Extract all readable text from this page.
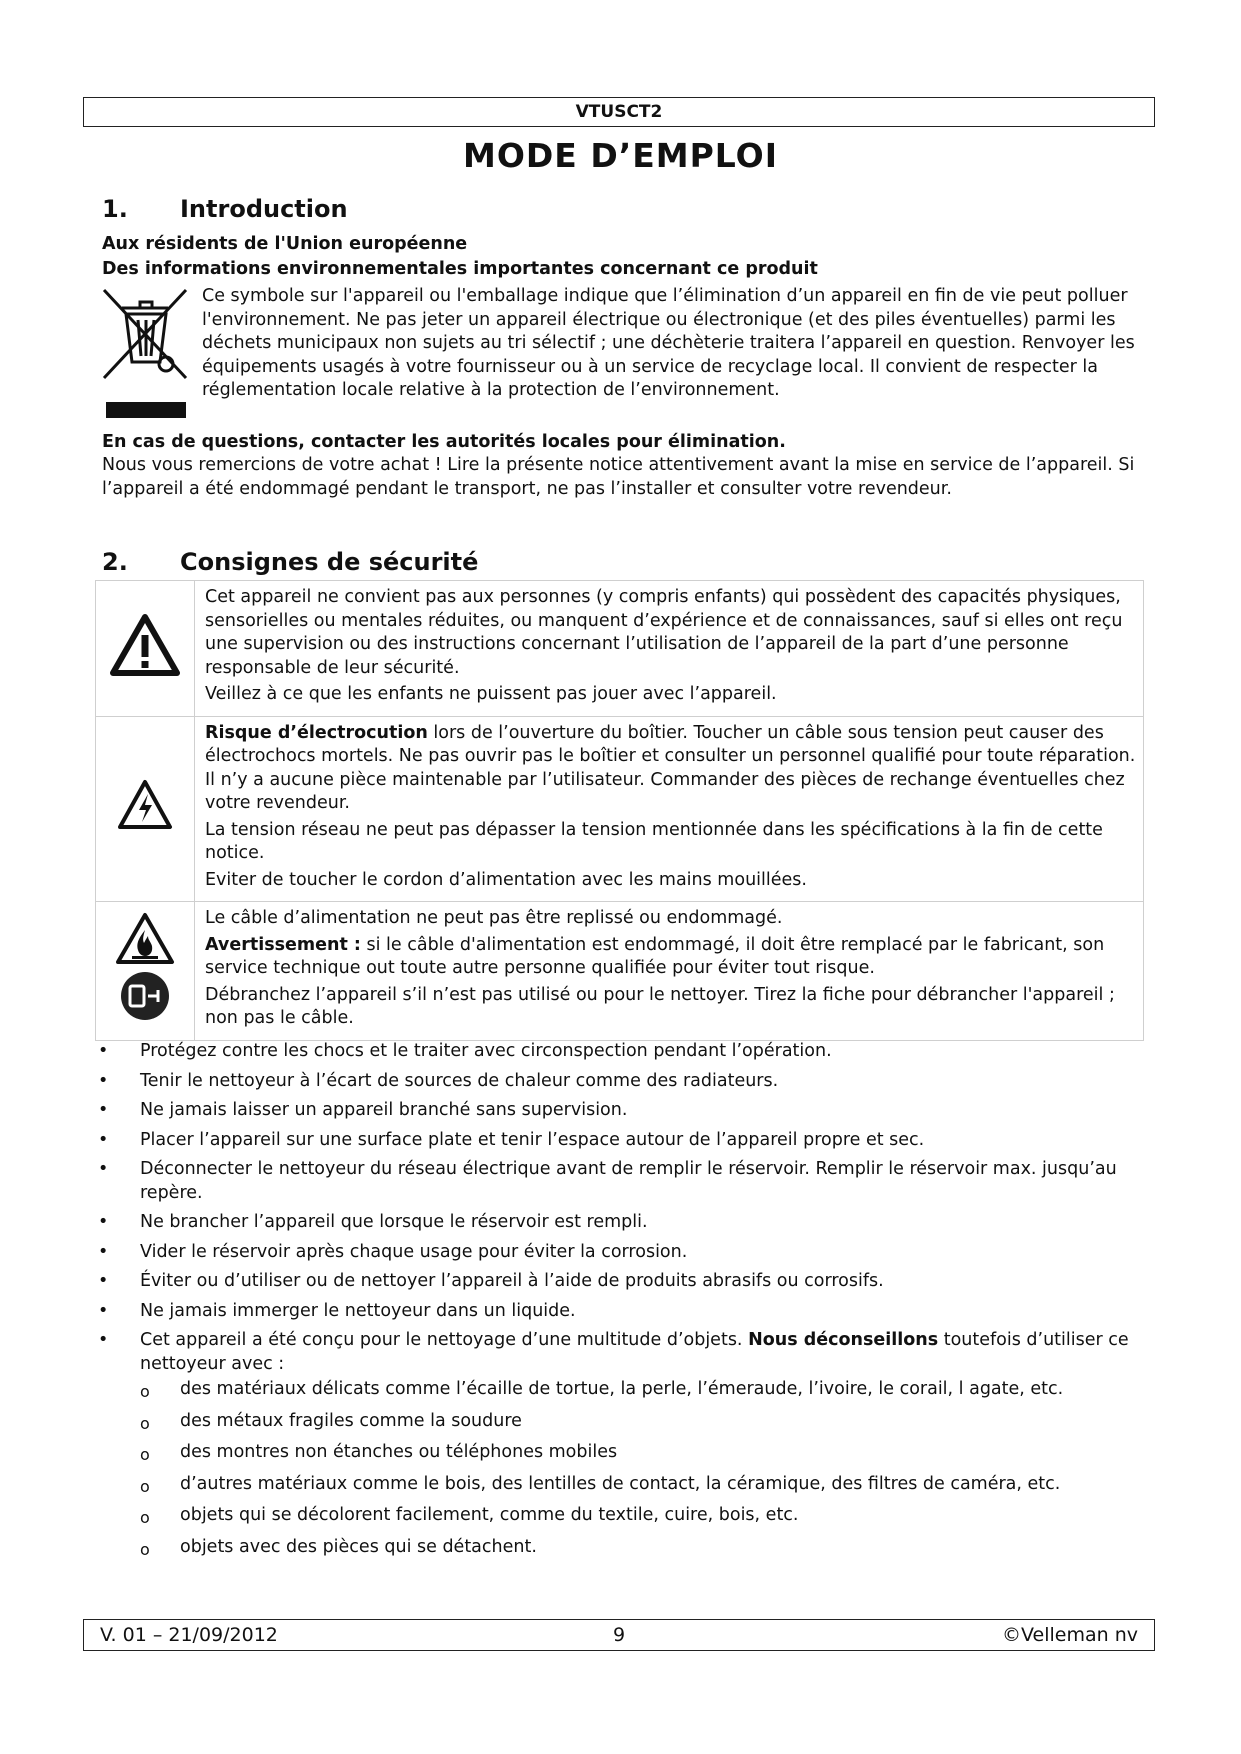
VTUSCT2
MODE D’EMPLOI
1. Introduction
Aux résidents de l'Union européenne
Des informations environnementales importantes concernant ce produit
Ce symbole sur l'appareil ou l'emballage indique que l’élimination d’un appareil en fin de vie peut polluer l'environnement. Ne pas jeter un appareil électrique ou électronique (et des piles éventuelles) parmi les déchets municipaux non sujets au tri sélectif ; une déchèterie traitera l’appareil en question. Renvoyer les équipements usagés à votre fournisseur ou à un service de recyclage local. Il convient de respecter la réglementation locale relative à la protection de l’environnement.
En cas de questions, contacter les autorités locales pour élimination.
Nous vous remercions de votre achat ! Lire la présente notice attentivement avant la mise en service de l’appareil. Si l’appareil a été endommagé pendant le transport, ne pas l’installer et consulter votre revendeur.
2. Consignes de sécurité

Cet appareil ne convient pas aux personnes (y compris enfants) qui possèdent des capacités physiques, sensorielles ou mentales réduites, ou manquent d’expérience et de connaissances, sauf si elles ont reçu une supervision ou des instructions concernant l’utilisation de l’appareil de la part d’une personne responsable de leur sécurité.

Veillez à ce que les enfants ne puissent pas jouer avec l’appareil.

Risque d’électrocution lors de l’ouverture du boîtier. Toucher un câble sous tension peut causer des électrochocs mortels. Ne pas ouvrir pas le boîtier et consulter un personnel qualifié pour toute réparation. Il n’y a aucune pièce maintenable par l’utilisateur. Commander des pièces de rechange éventuelles chez votre revendeur.

La tension réseau ne peut pas dépasser la tension mentionnée dans les spécifications à la fin de cette notice.

Eviter de toucher le cordon d’alimentation avec les mains mouillées.

Le câble d’alimentation ne peut pas être replissé ou endommagé.

Avertissement : si le câble d'alimentation est endommagé, il doit être remplacé par le fabricant, son service technique out toute autre personne qualifiée pour éviter tout risque.

Débranchez l’appareil s’il n’est pas utilisé ou pour le nettoyer. Tirez la fiche pour débrancher l'appareil ; non pas le câble.

• Protégez contre les chocs et le traiter avec circonspection pendant l’opération.
• Tenir le nettoyeur à l’écart de sources de chaleur comme des radiateurs.
• Ne jamais laisser un appareil branché sans supervision.
• Placer l’appareil sur une surface plate et tenir l’espace autour de l’appareil propre et sec.
• Déconnecter le nettoyeur du réseau électrique avant de remplir le réservoir. Remplir le réservoir max. jusqu’au repère.
• Ne brancher l’appareil que lorsque le réservoir est rempli.
• Vider le réservoir après chaque usage pour éviter la corrosion.
• Éviter ou d’utiliser ou de nettoyer l’appareil à l’aide de produits abrasifs ou corrosifs.
• Ne jamais immerger le nettoyeur dans un liquide.
• Cet appareil a été conçu pour le nettoyage d’une multitude d’objets. Nous déconseillons toutefois d’utiliser ce nettoyeur avec :
o des matériaux délicats comme l’écaille de tortue, la perle, l’émeraude, l’ivoire, le corail, l agate, etc.
o des métaux fragiles comme la soudure
o des montres non étanches ou téléphones mobiles
o d’autres matériaux comme le bois, des lentilles de contact, la céramique, des filtres de caméra, etc.
o objets qui se décolorent facilement, comme du textile, cuire, bois, etc.
o objets avec des pièces qui se détachent.
V. 01 – 21/09/2012	9	©Velleman nv
